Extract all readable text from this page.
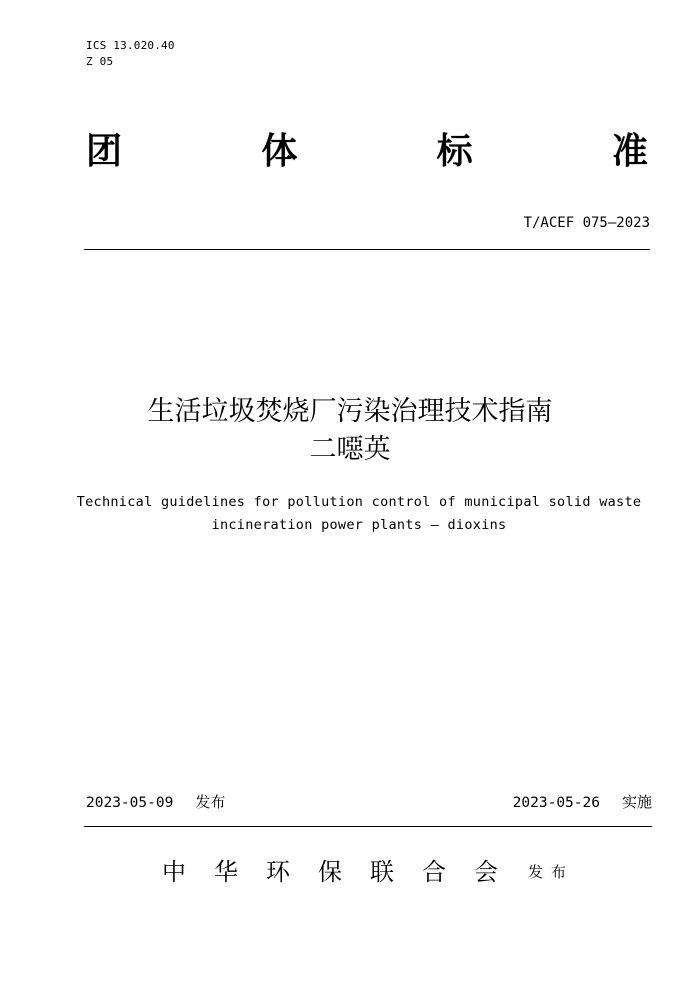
ICS 13.020.40
Z 05
团	体	标	准
T/ACEF 075—2023
生活垃圾焚烧厂污染治理技术指南
二噁英
Technical guidelines for pollution control of municipal solid waste
incineration power plants — dioxins
2023-05-09 发布	2023-05-26 实施
中华环保联合会 发布
